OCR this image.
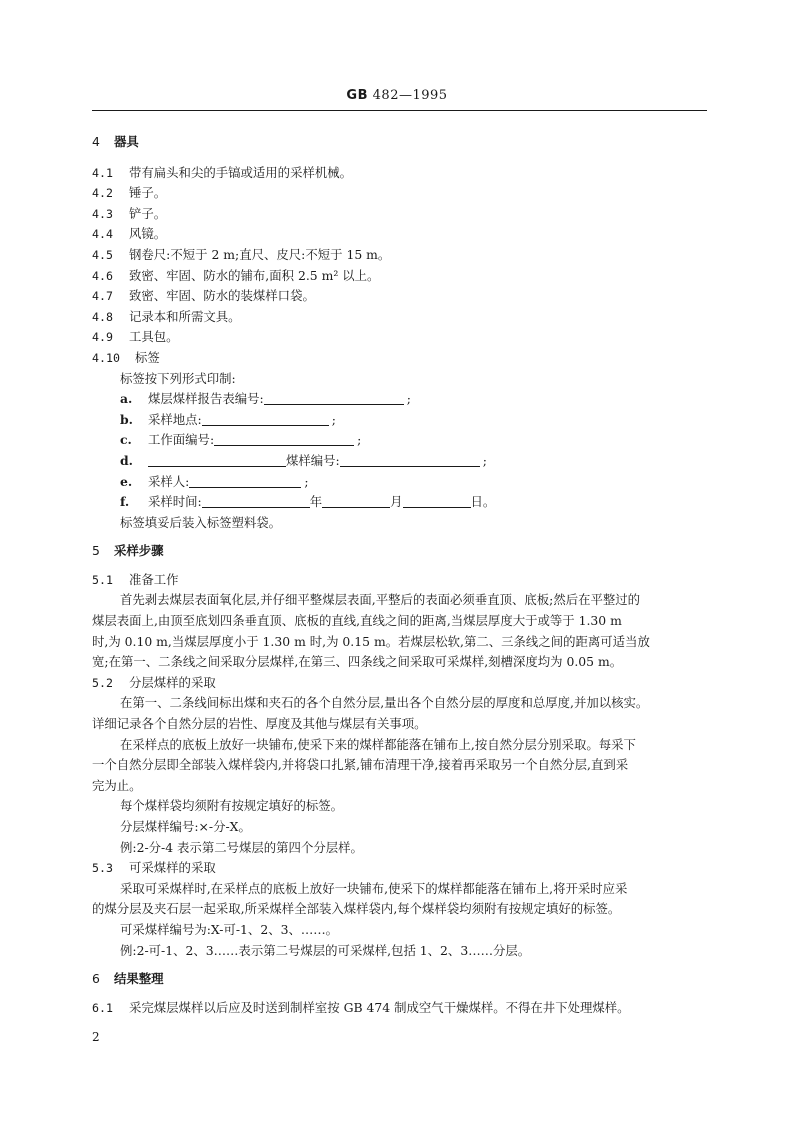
GB 482—1995
4 器具
4.1 带有扁头和尖的手镐或适用的采样机械。
4.2 锤子。
4.3 铲子。
4.4 风镜。
4.5 钢卷尺:不短于 2 m;直尺、皮尺:不短于 15 m。
4.6 致密、牢固、防水的铺布,面积 2.5 m² 以上。
4.7 致密、牢固、防水的装煤样口袋。
4.8 记录本和所需文具。
4.9 工具包。
4.10 标签
标签按下列形式印制:
a. 煤层煤样报告表编号:	;
b. 采样地点:	;
c. 工作面编号:	;
d.	煤样编号:	;
e. 采样人:	;
f. 采样时间:	年	月	日。
标签填妥后装入标签塑料袋。
5 采样步骤
5.1 准备工作
首先剥去煤层表面氧化层,并仔细平整煤层表面,平整后的表面必须垂直顶、底板;然后在平整过的
煤层表面上,由顶至底划四条垂直顶、底板的直线,直线之间的距离,当煤层厚度大于或等于 1.30 m
时,为 0.10 m,当煤层厚度小于 1.30 m 时,为 0.15 m。若煤层松软,第二、三条线之间的距离可适当放
宽;在第一、二条线之间采取分层煤样,在第三、四条线之间采取可采煤样,刻槽深度均为 0.05 m。
5.2 分层煤样的采取
在第一、二条线间标出煤和夹石的各个自然分层,量出各个自然分层的厚度和总厚度,并加以核实。
详细记录各个自然分层的岩性、厚度及其他与煤层有关事项。
在采样点的底板上放好一块铺布,使采下来的煤样都能落在铺布上,按自然分层分别采取。每采下
一个自然分层即全部装入煤样袋内,并将袋口扎紧,铺布清理干净,接着再采取另一个自然分层,直到采
完为止。
每个煤样袋均须附有按规定填好的标签。
分层煤样编号:×-分-X。
例:2-分-4 表示第二号煤层的第四个分层样。
5.3 可采煤样的采取
采取可采煤样时,在采样点的底板上放好一块铺布,使采下的煤样都能落在铺布上,将开采时应采
的煤分层及夹石层一起采取,所采煤样全部装入煤样袋内,每个煤样袋均须附有按规定填好的标签。
可采煤样编号为:X-可-1、2、3、……。
例:2-可-1、2、3……表示第二号煤层的可采煤样,包括 1、2、3……分层。
6 结果整理
6.1 采完煤层煤样以后应及时送到制样室按 GB 474 制成空气干燥煤样。不得在井下处理煤样。
2
